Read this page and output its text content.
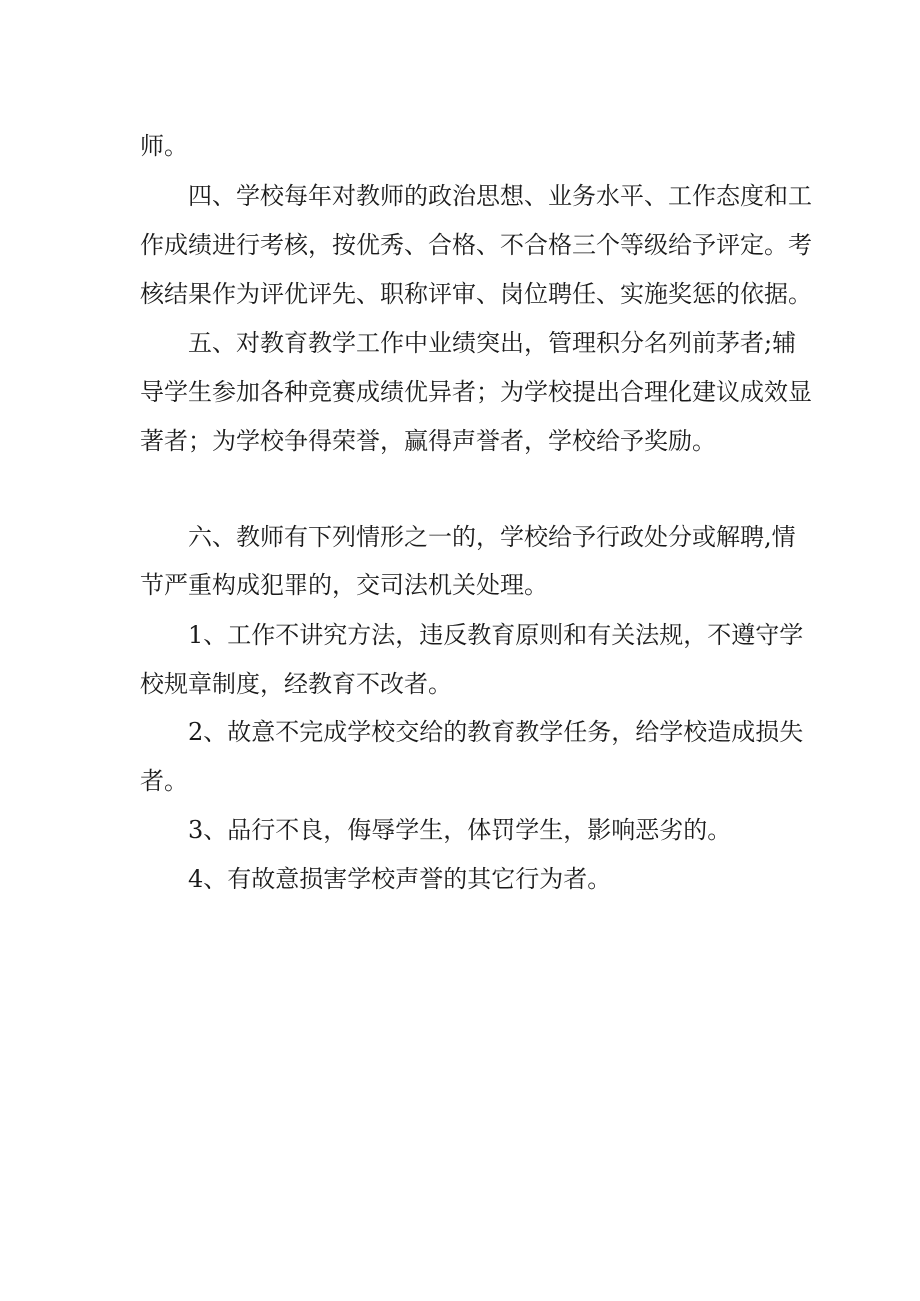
师。

四、学校每年对教师的政治思想、业务水平、工作态度和工

作成绩进行考核，按优秀、合格、不合格三个等级给予评定。考

核结果作为评优评先、职称评审、岗位聘任、实施奖惩的依据。

五、对教育教学工作中业绩突出，管理积分名列前茅者;辅

导学生参加各种竞赛成绩优异者；为学校提出合理化建议成效显

著者；为学校争得荣誉，赢得声誉者，学校给予奖励。

六、教师有下列情形之一的，学校给予行政处分或解聘,情

节严重构成犯罪的，交司法机关处理。

1、工作不讲究方法，违反教育原则和有关法规，不遵守学

校规章制度，经教育不改者。

2、故意不完成学校交给的教育教学任务，给学校造成损失

者。

3、品行不良，侮辱学生，体罚学生，影响恶劣的。

4、有故意损害学校声誉的其它行为者。
